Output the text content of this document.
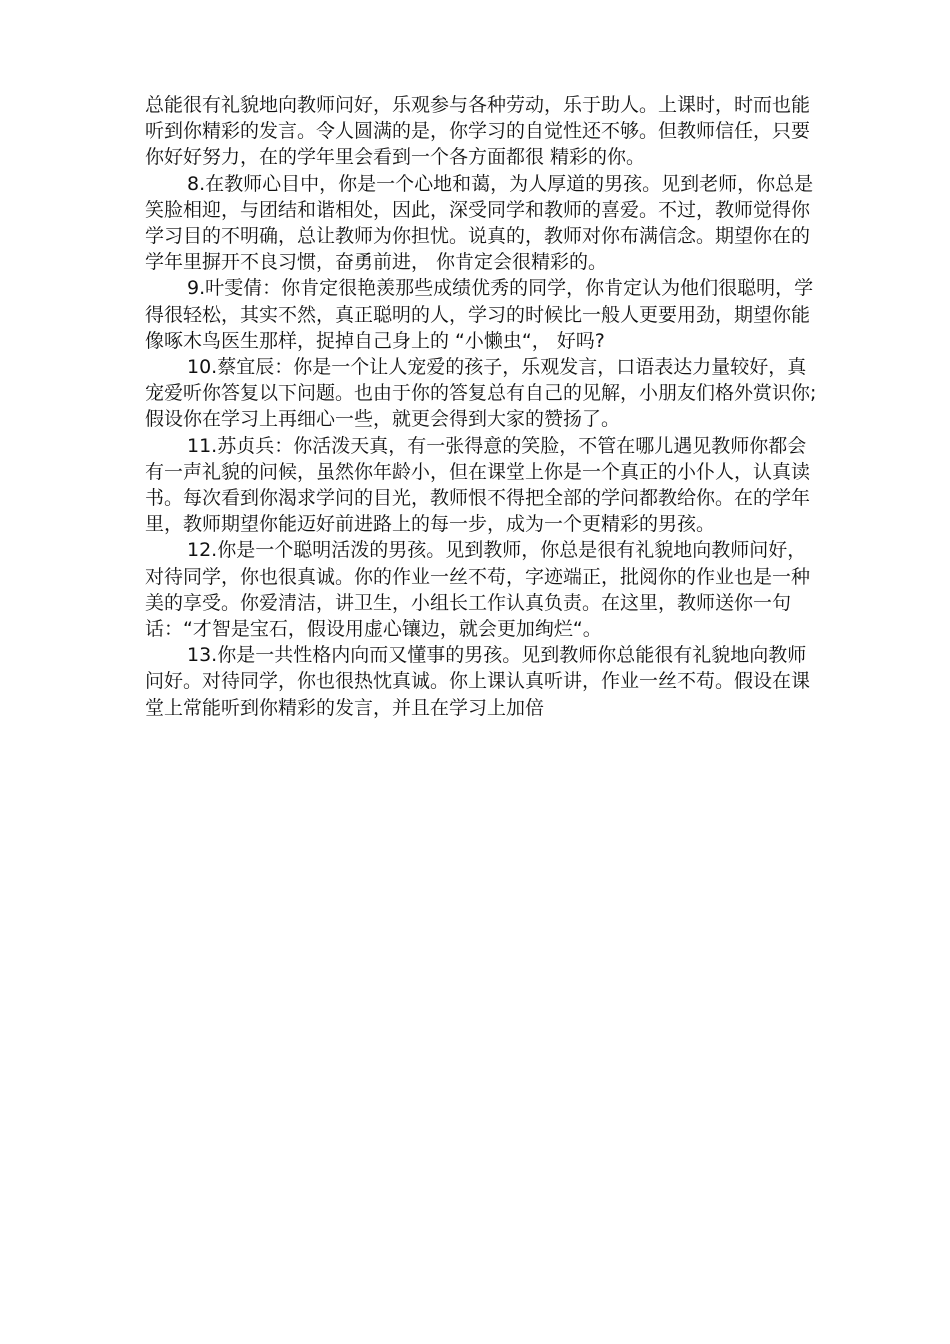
总能很有礼貌地向教师问好，乐观参与各种劳动，乐于助人。上课时，时而也能听到你精彩的发言。令人圆满的是，你学习的自觉性还不够。但教师信任，只要你好好努力，在的学年里会看到一个各方面都很 精彩的你。

8.在教师心目中，你是一个心地和蔼，为人厚道的男孩。见到老师，你总是笑脸相迎，与团结和谐相处，因此，深受同学和教师的喜爱。不过，教师觉得你学习目的不明确，总让教师为你担忧。说真的，教师对你布满信念。期望你在的学年里摒开不良习惯，奋勇前进， 你肯定会很精彩的。

9.叶雯倩：你肯定很艳羡那些成绩优秀的同学，你肯定认为他们很聪明，学得很轻松，其实不然，真正聪明的人，学习的时候比一般人更要用劲，期望你能像啄木鸟医生那样，捉掉自己身上的 “小懒虫“， 好吗?

10.蔡宜辰：你是一个让人宠爱的孩子，乐观发言，口语表达力量较好，真宠爱听你答复以下问题。也由于你的答复总有自己的见解，小朋友们格外赏识你;假设你在学习上再细心一些，就更会得到大家的赞扬了。

11.苏贞兵：你活泼天真，有一张得意的笑脸，不管在哪儿遇见教师你都会有一声礼貌的问候，虽然你年龄小，但在课堂上你是一个真正的小仆人，认真读书。每次看到你渴求学问的目光，教师恨不得把全部的学问都教给你。在的学年里，教师期望你能迈好前进路上的每一步，成为一个更精彩的男孩。

12.你是一个聪明活泼的男孩。见到教师，你总是很有礼貌地向教师问好，对待同学，你也很真诚。你的作业一丝不苟，字迹端正，批阅你的作业也是一种美的享受。你爱清洁，讲卫生，小组长工作认真负责。在这里，教师送你一句话：“才智是宝石，假设用虚心镶边，就会更加绚烂“。

13.你是一共性格内向而又懂事的男孩。见到教师你总能很有礼貌地向教师问好。对待同学，你也很热忱真诚。你上课认真听讲，作业一丝不苟。假设在课堂上常能听到你精彩的发言，并且在学习上加倍
